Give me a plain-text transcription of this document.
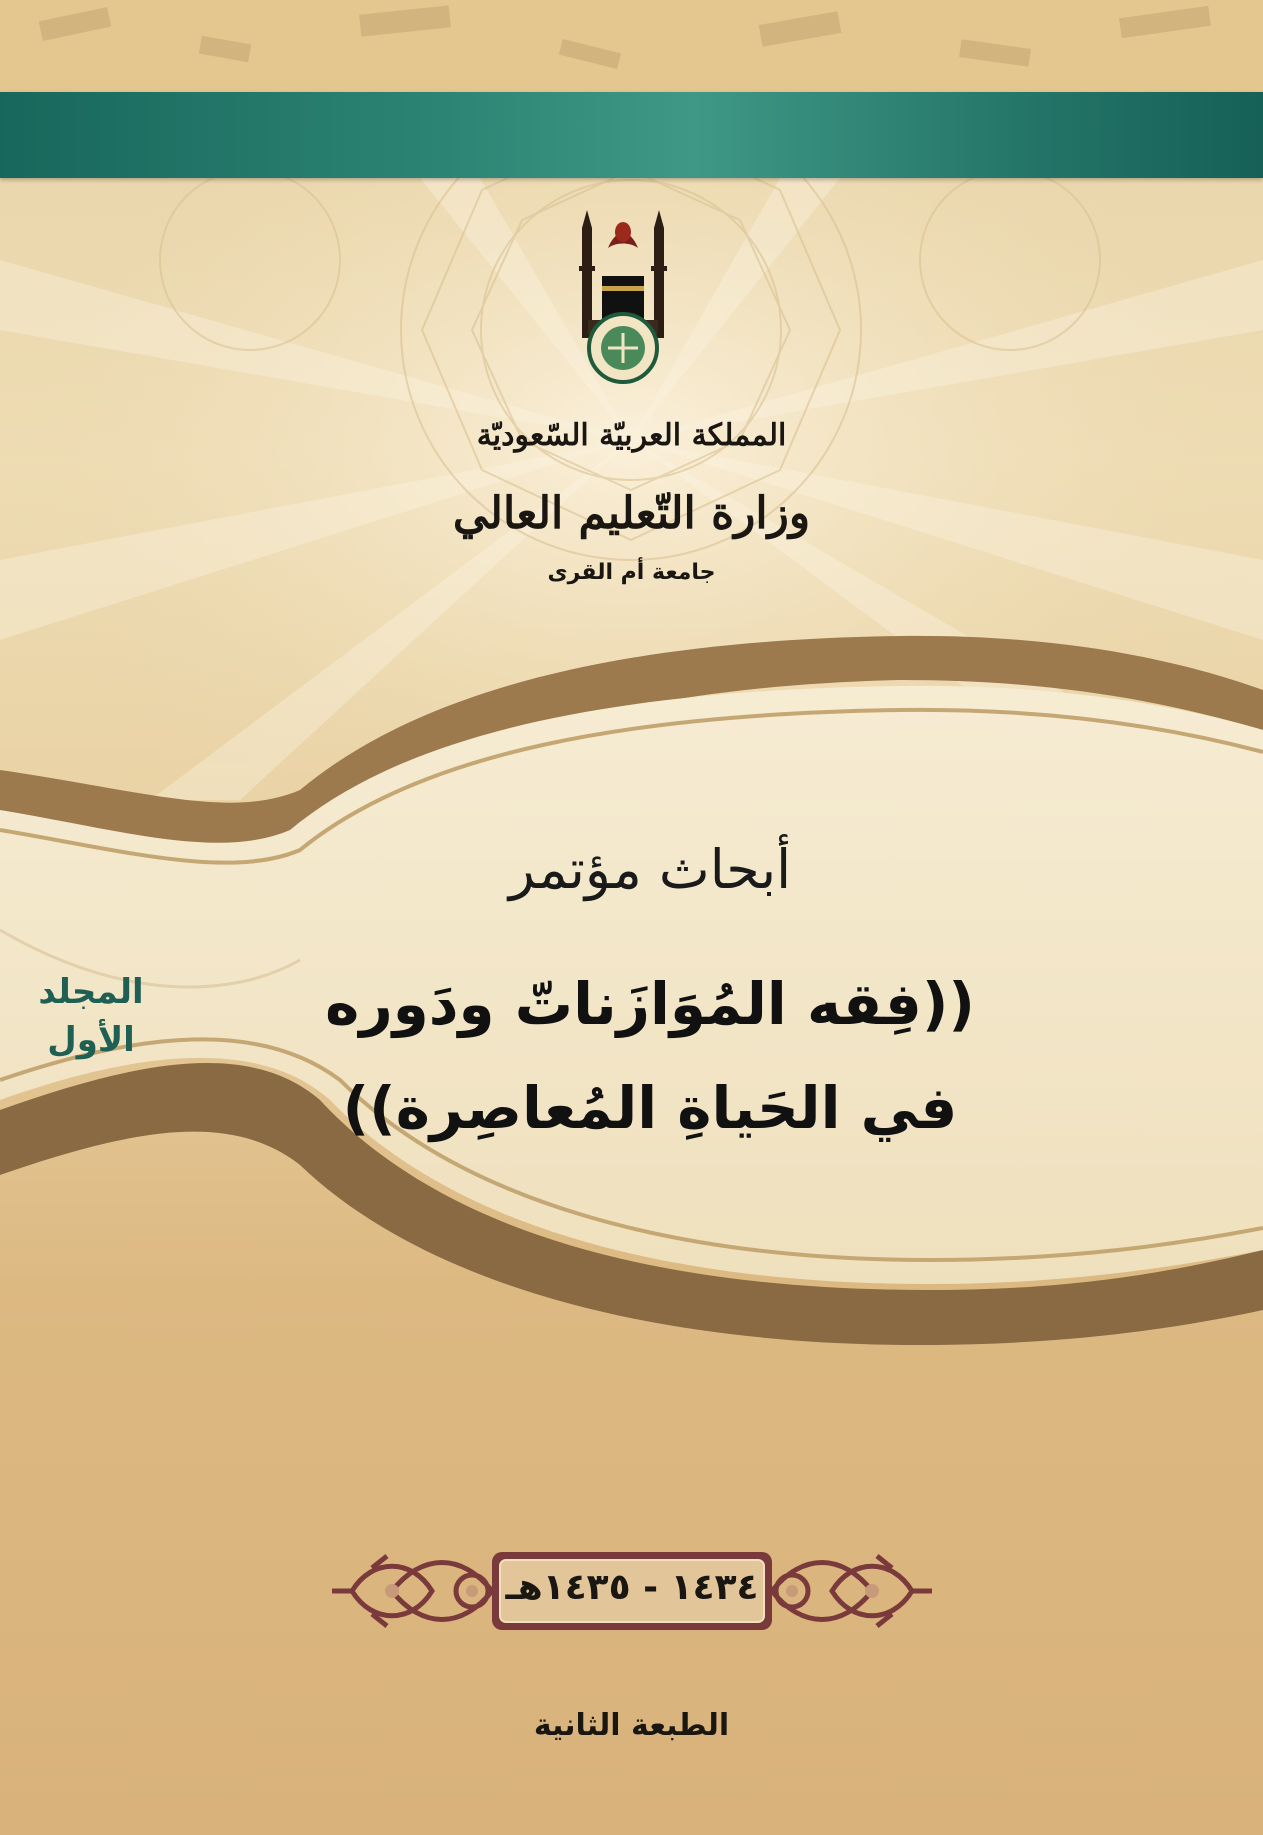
المملكة العربيّة السّعوديّة
وزارة التّعليم العالي
جامعة أم القرى
أبحاث مؤتمر
((فِقه المُوَازَناتّ ودَوره
في الحَياةِ المُعاصِرة))
المجلد
الأول
١٤٣٤ - ١٤٣٥هـ
الطبعة الثانية
